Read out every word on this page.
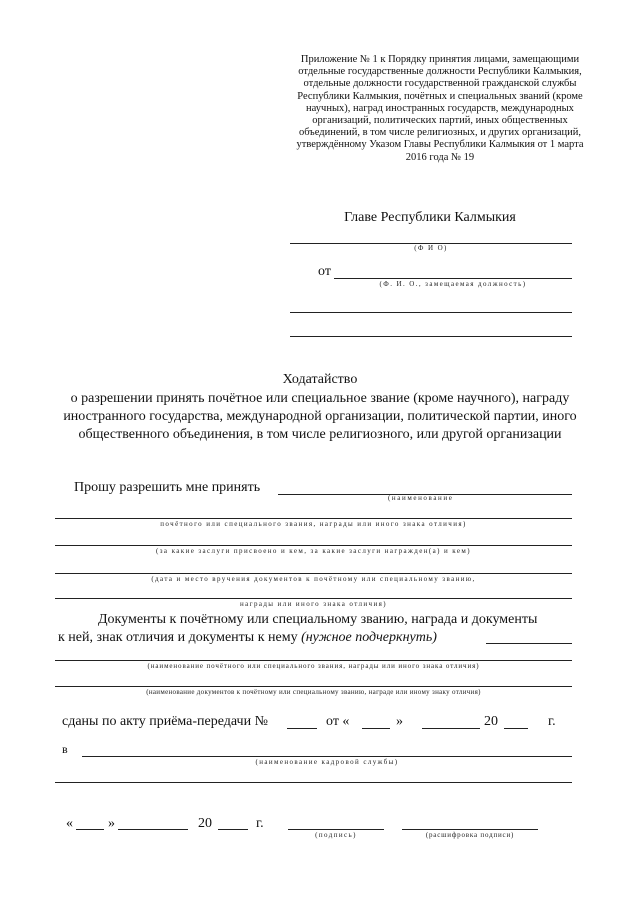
Приложение № 1 к Порядку принятия лицами, замещающими отдельные государственные должности Республики Калмыкия, отдельные должности государственной гражданской службы Республики Калмыкия, почётных и специальных званий (кроме научных), наград иностранных государств, международных организаций, политических партий, иных общественных объединений, в том числе религиозных, и других организаций, утверждённому Указом Главы Республики Калмыкия от 1 марта 2016 года № 19
Главе Республики Калмыкия
(Ф И О)
от
(Ф. И. О., замещаемая должность)
Ходатайство
о разрешении принять почётное или специальное звание (кроме научного), награду иностранного государства, международной организации, политической партии, иного общественного объединения, в том числе религиозного, или другой организации
Прошу разрешить мне принять
(наименование
почётного или специального звания, награды или иного знака отличия)
(за какие заслуги присвоено и кем, за какие заслуги награжден(а) и кем)
(дата и место вручения документов к почётному или специальному званию,
награды или иного знака отличия)
Документы к почётному или специальному званию, награда и документы
к ней, знак отличия и документы к нему (нужное подчеркнуть)
(наименование почётного или специального звания, награды или иного знака отличия)
(наименование документов к почётному или специальному званию, награде или иному знаку отличия)
сданы по акту приёма-передачи №	от «	»	20	г.
в
(наименование кадровой службы)
«	»	20	г.
(подпись)	(расшифровка подписи)
